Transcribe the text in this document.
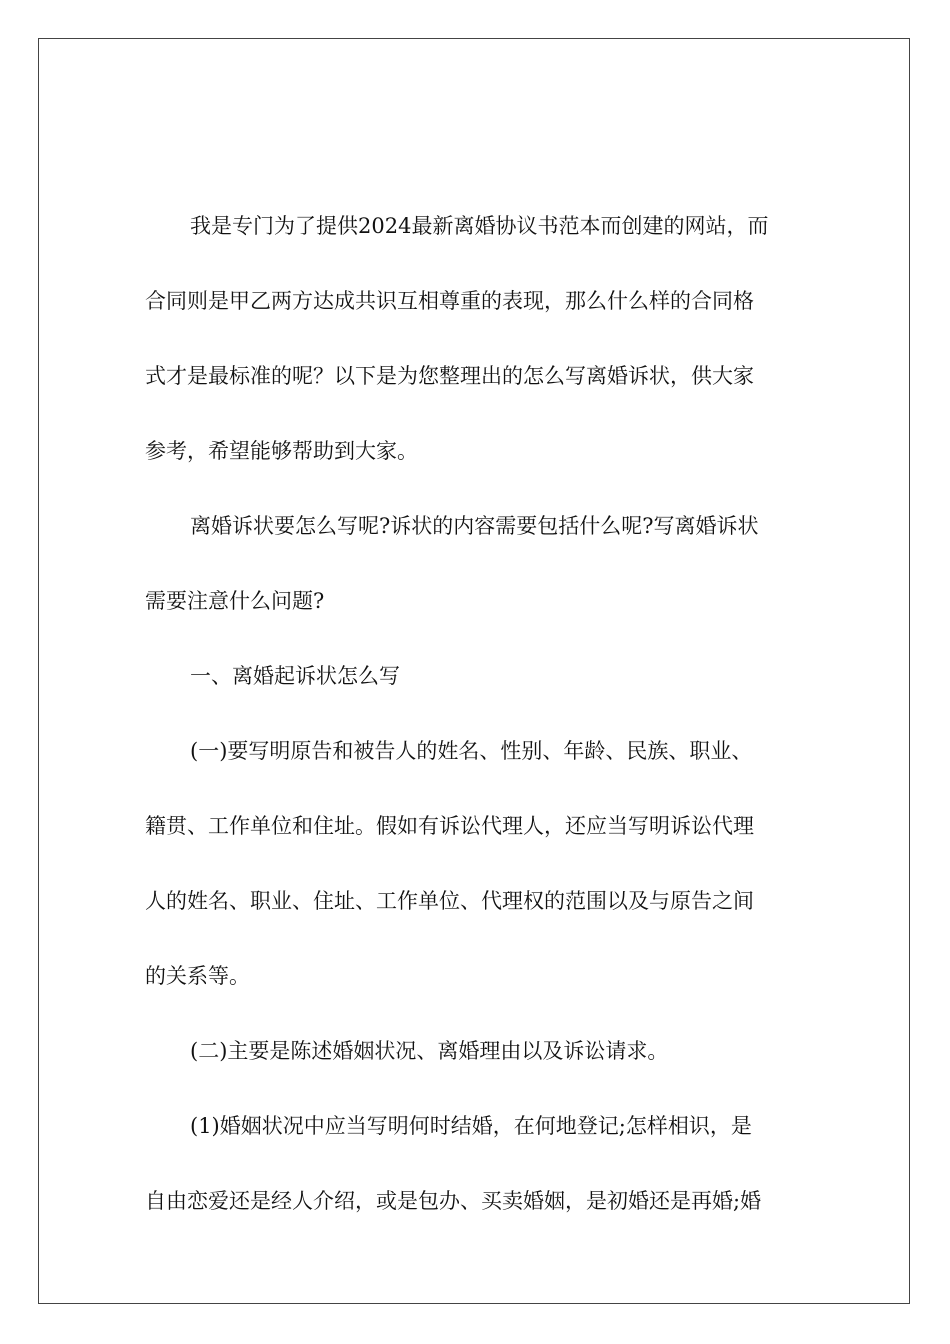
我是专门为了提供2024最新离婚协议书范本而创建的网站，而
合同则是甲乙两方达成共识互相尊重的表现，那么什么样的合同格
式才是最标准的呢？以下是为您整理出的怎么写离婚诉状，供大家
参考，希望能够帮助到大家。
离婚诉状要怎么写呢?诉状的内容需要包括什么呢?写离婚诉状
需要注意什么问题?
一、离婚起诉状怎么写
(一)要写明原告和被告人的姓名、性别、年龄、民族、职业、
籍贯、工作单位和住址。假如有诉讼代理人，还应当写明诉讼代理
人的姓名、职业、住址、工作单位、代理权的范围以及与原告之间
的关系等。
(二)主要是陈述婚姻状况、离婚理由以及诉讼请求。
(1)婚姻状况中应当写明何时结婚，在何地登记;怎样相识，是
自由恋爱还是经人介绍，或是包办、买卖婚姻，是初婚还是再婚;婚
